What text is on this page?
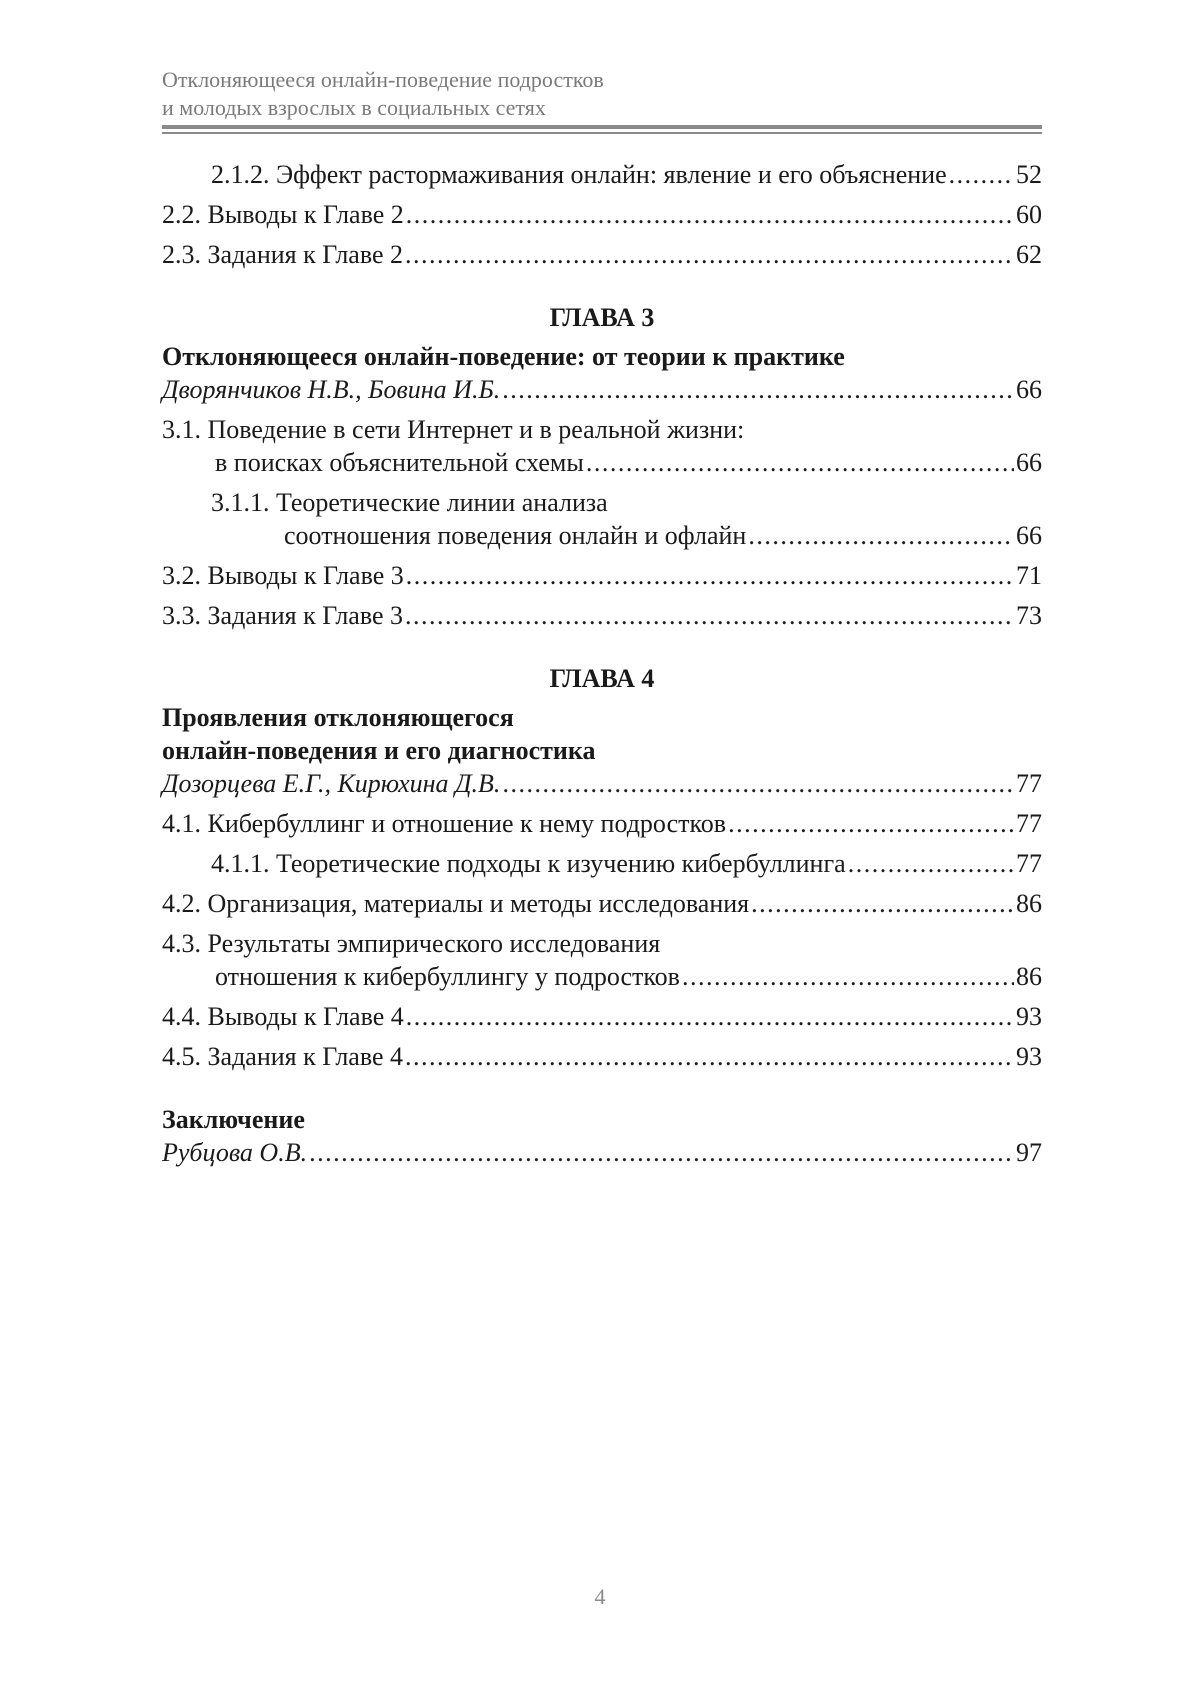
Отклоняющееся онлайн-поведение подростков
и молодых взрослых в социальных сетях
2.1.2. Эффект растормаживания онлайн: явление и его объяснение .....	52
2.2. Выводы к Главе 2 .....	60
2.3. Задания к Главе 2 .....	62
ГЛАВА 3
Отклоняющееся онлайн-поведение: от теории к практике
Дворянчиков Н.В., Бовина И.Б. .....	66
3.1. Поведение в сети Интернет и в реальной жизни:
в поисках объяснительной схемы .....	66
3.1.1. Теоретические линии анализа
соотношения поведения онлайн и офлайн .....	66
3.2. Выводы к Главе 3 .....	71
3.3. Задания к Главе 3 .....	73
ГЛАВА 4
Проявления отклоняющегося
онлайн-поведения и его диагностика
Дозорцева Е.Г., Кирюхина Д.В. .....	77
4.1. Кибербуллинг и отношение к нему подростков .....	77
4.1.1. Теоретические подходы к изучению кибербуллинга .....	77
4.2. Организация, материалы и методы исследования .....	86
4.3. Результаты эмпирического исследования
отношения к кибербуллингу у подростков .....	86
4.4. Выводы к Главе 4 .....	93
4.5. Задания к Главе 4 .....	93
Заключение
Рубцова О.В. .....	97
4
